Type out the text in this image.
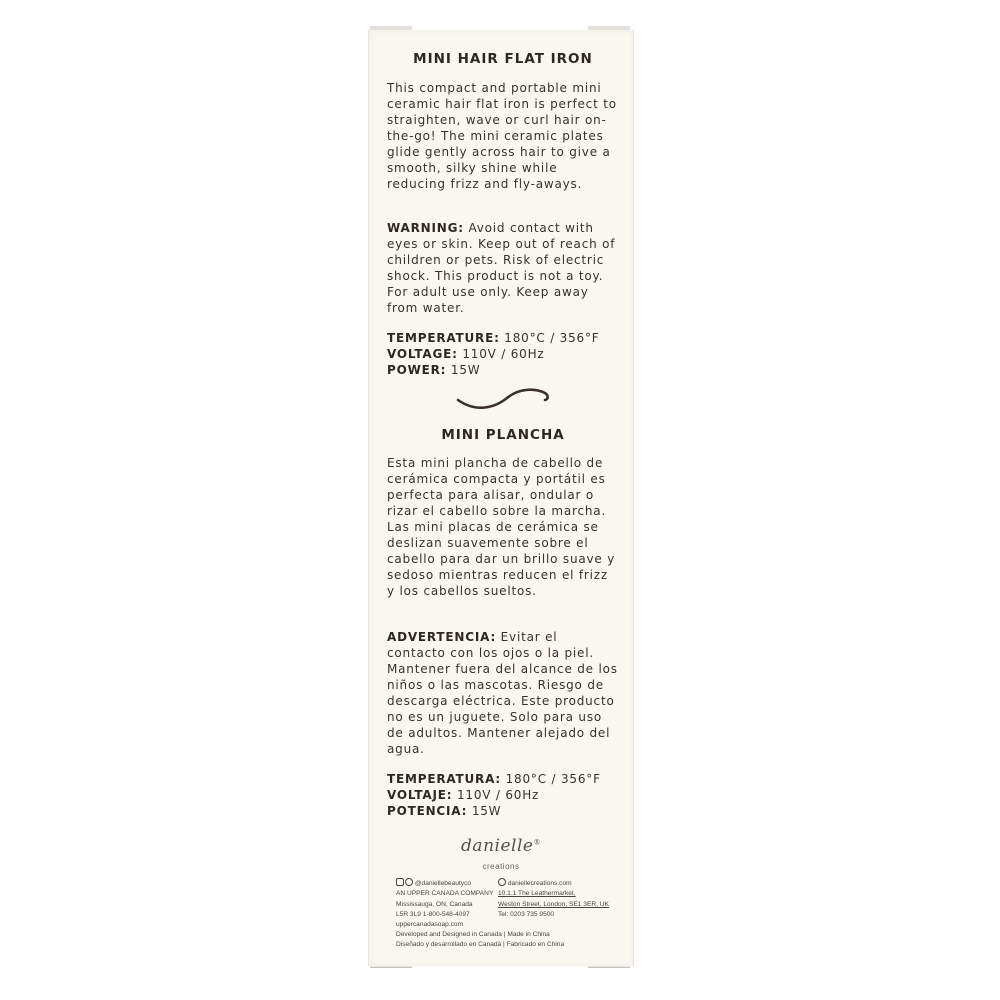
MINI HAIR FLAT IRON

This compact and portable mini ceramic hair flat iron is perfect to straighten, wave or curl hair on-the-go! The mini ceramic plates glide gently across hair to give a smooth, silky shine while reducing frizz and fly-aways.

WARNING: Avoid contact with eyes or skin. Keep out of reach of children or pets. Risk of electric shock. This product is not a toy. For adult use only. Keep away from water.

TEMPERATURE: 180°C / 356°F

VOLTAGE: 110V / 60Hz

POWER: 15W

MINI PLANCHA

Esta mini plancha de cabello de cerámica compacta y portátil es perfecta para alisar, ondular o rizar el cabello sobre la marcha. Las mini placas de cerámica se deslizan suavemente sobre el cabello para dar un brillo suave y sedoso mientras reducen el frizz y los cabellos sueltos.

ADVERTENCIA: Evitar el contacto con los ojos o la piel. Mantener fuera del alcance de los niños o las mascotas. Riesgo de descarga eléctrica. Este producto no es un juguete. Solo para uso de adultos. Mantener alejado del agua.

TEMPERATURA: 180°C / 356°F

VOLTAJE: 110V / 60Hz

POTENCIA: 15W

danielle®
creations
@daniellebeautyco
AN UPPER CANADA COMPANY
Mississauga, ON, Canada
L5R 3L9 1-800-548-4097
uppercanadasoap.com
daniellecreations.com
10.1.1 The Leathermarket,
Weston Street, London, SE1 3ER, UK
Tel: 0203 735 9500
Developed and Designed in Canada | Made in China
Diseñado y desarrollado en Canadá | Fabricado en China
